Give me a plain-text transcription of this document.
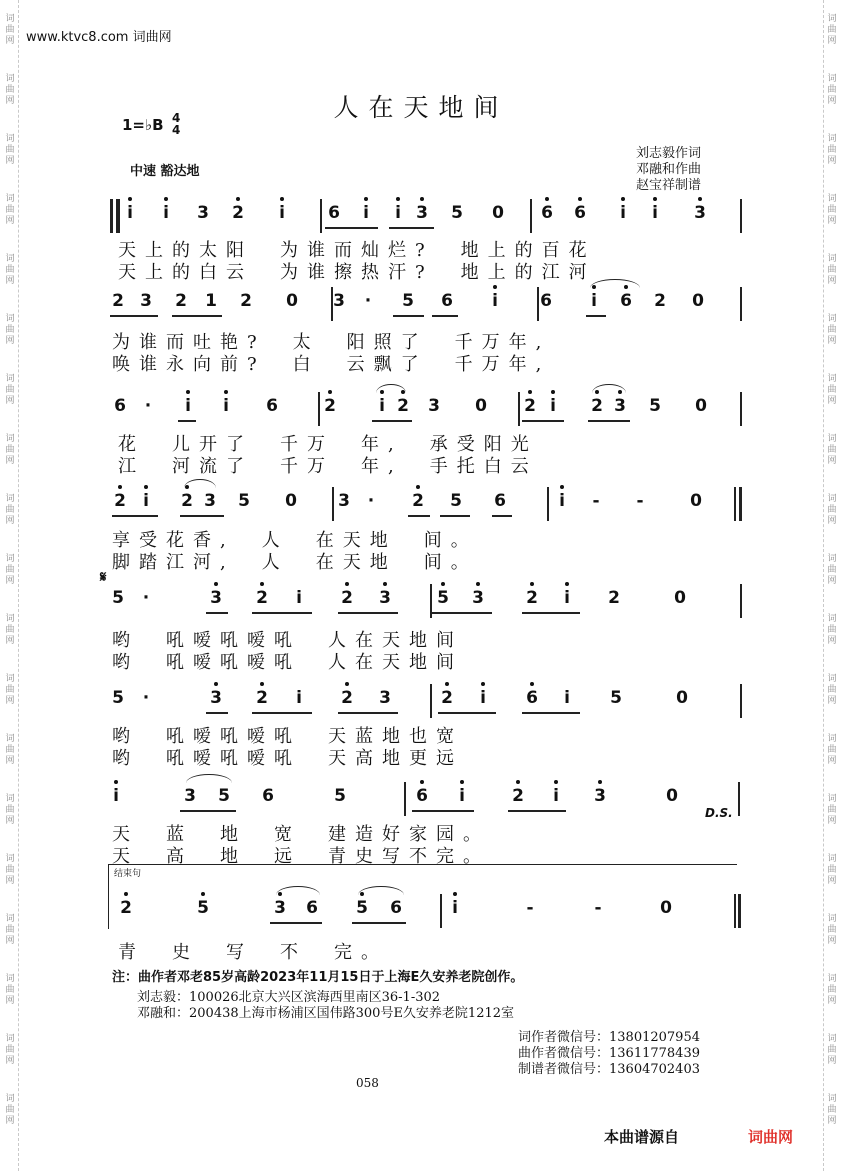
词
曲
网
词
曲
网
词
曲
网
词
曲
网
词
曲
网
词
曲
网
词
曲
网
词
曲
网
词
曲
网
词
曲
网
词
曲
网
词
曲
网
词
曲
网
词
曲
网
词
曲
网
词
曲
网
词
曲
网
词
曲
网
词
曲
网
词
曲
网
词
曲
网
词
曲
网
词
曲
网
词
曲
网
词
曲
网
词
曲
网
词
曲
网
词
曲
网
词
曲
网
词
曲
网
词
曲
网
词
曲
网
词
曲
网
词
曲
网
词
曲
网
词
曲
网
词
曲
网
词
曲
网
www.ktvc8.com 词曲网
人在天地间
1=♭B 4
4
中速 豁达地
刘志毅作词
邓融和作曲
赵宝祥制谱
𝄋
D.S.
结束句
i	i	3 2	i	6	i	i 3 5 0 6 6	i	i	3
天上的太阳　为谁而灿烂?　地上的百花
天上的白云　为谁擦热汗?　地上的江河
2 3 2 1 2 0 3	·	5 6	i	6	i	6 2 0
为谁而吐艳?　太　阳照了　千万年,
唤谁永向前?　白　云飘了　千万年,
6	·	i	i	6	2	i 2 3 0 2 i	2 3 5 0
花　儿开了　千万　年,　承受阳光
江　河流了　千万　年,　手托白云
2	i	2 3 5 0 3	·	2 5 6	i	-	-	0
享受花香,　人　在天地　间。
脚踏江河,　人　在天地　间。
5	·	3 2	i	2 3	5 3 2	i	2	0
哟　吼嗳吼嗳吼　人在天地间
哟　吼嗳吼嗳吼　人在天地间
5	·	3 2	i	2 3	2	i	6	i	5	0
哟　吼嗳吼嗳吼　天蓝地也宽
哟　吼嗳吼嗳吼　天高地更远
i	3 5 6	5	6	i	2	i	3	0
天　蓝　地　宽　建造好家园。
天　高　地　远　青史写不完。
2	5	3 6 5 6	i	-	-	0
青　史　写　不　完。
注：曲作者邓老85岁高龄2023年11月15日于上海E久安养老院创作。
刘志毅：100026北京大兴区滨海西里南区36-1-302
邓融和：200438上海市杨浦区国伟路300号E久安养老院1212室
词作者微信号：13801207954
曲作者微信号：13611778439
制谱者微信号：13604702403
058
本曲谱源自	词曲网
